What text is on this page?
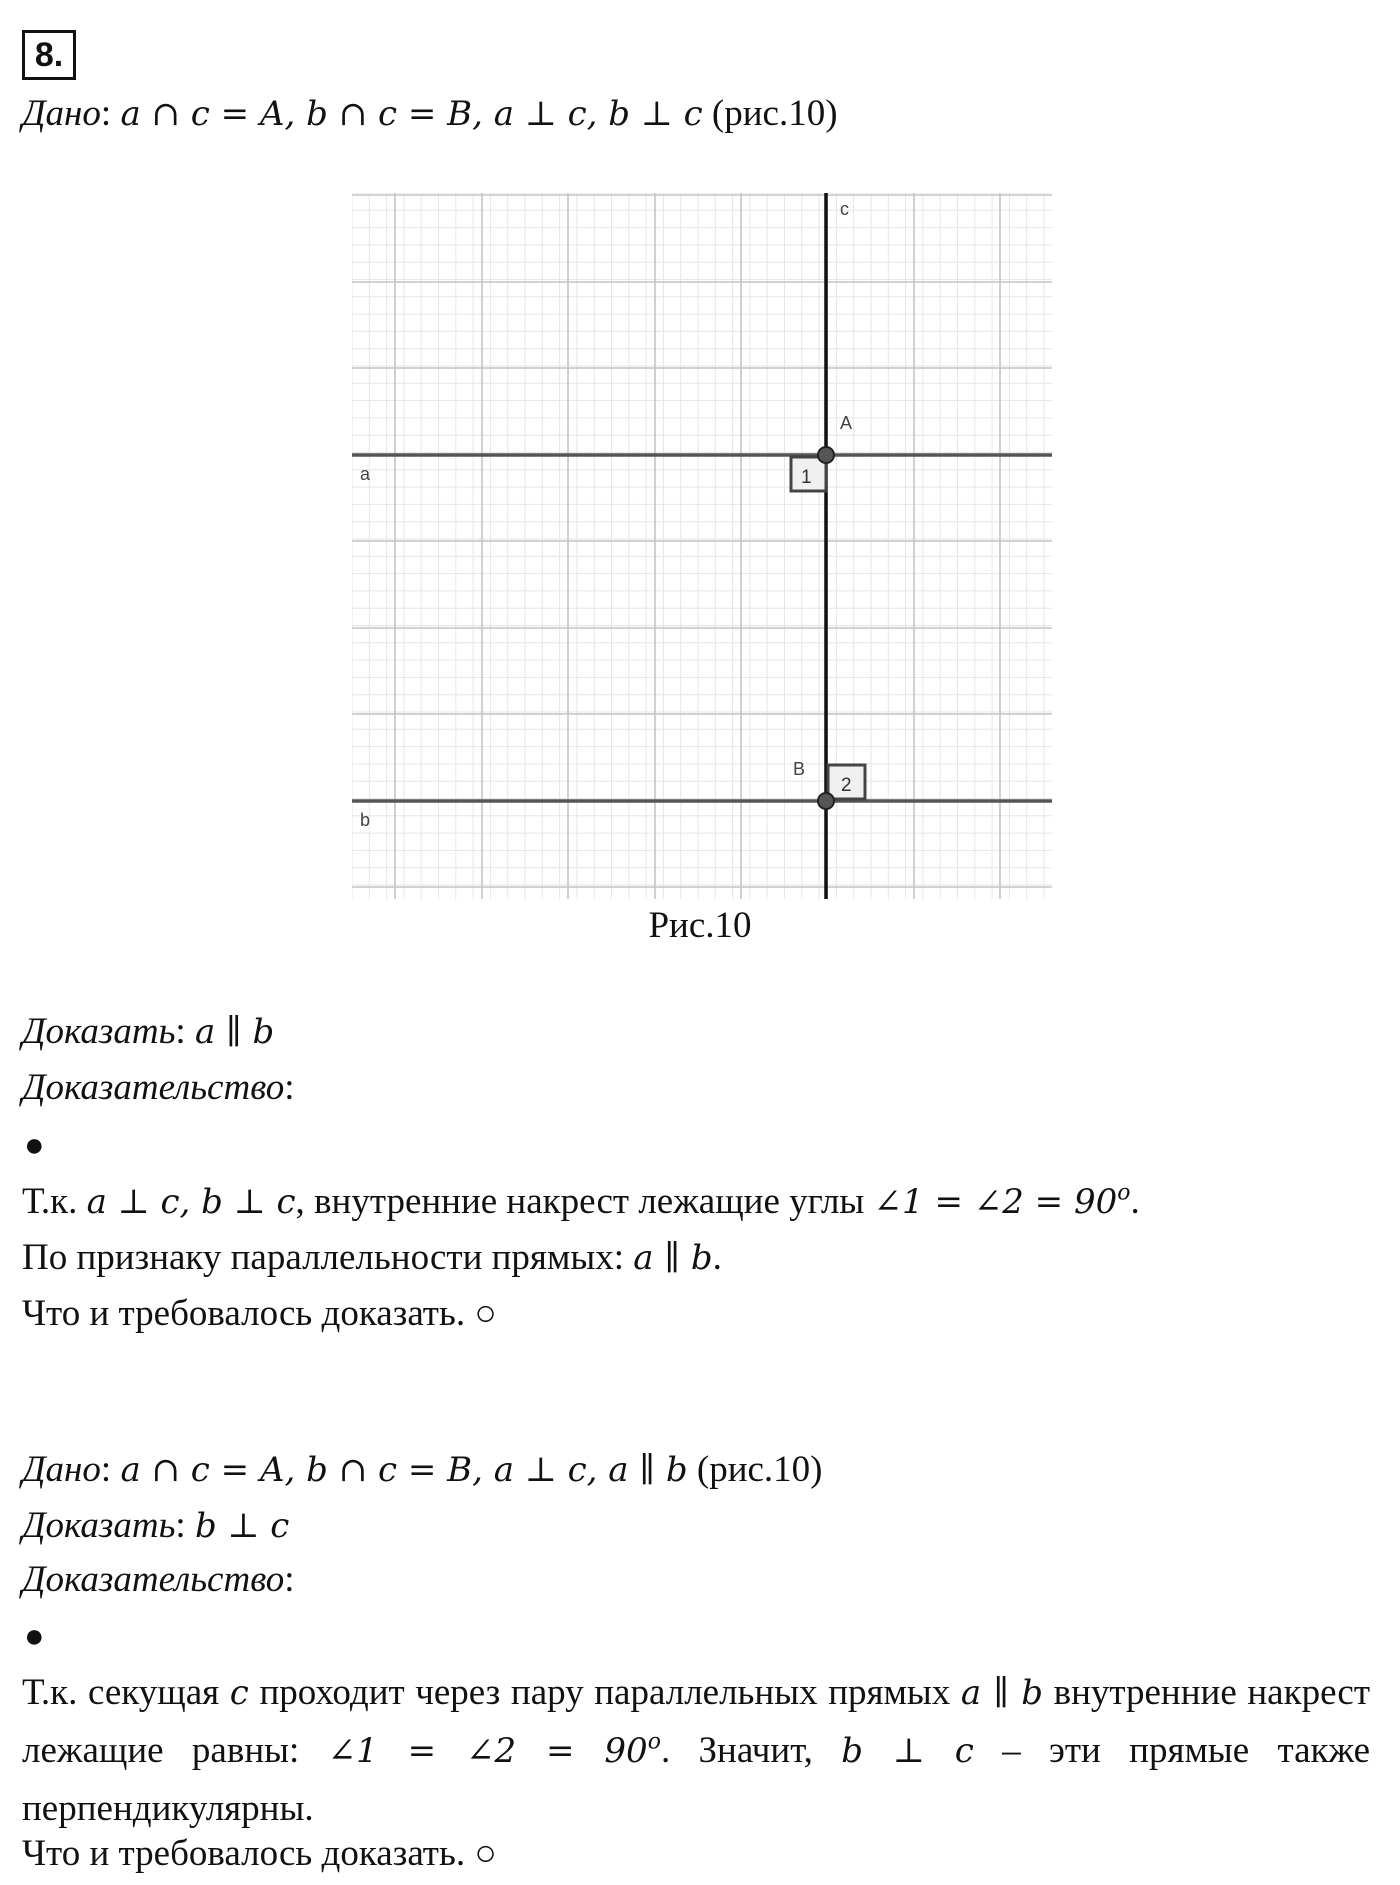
8.
Дано: a ∩ c = A, b ∩ c = B, a ⊥ c, b ⊥ c (рис.10)
1
2
c
A
B
a
b
Рис.10
Доказать: a ∥ b
Доказательство:
●
Т.к. a ⊥ c, b ⊥ c, внутренние накрест лежащие углы ∠1 = ∠2 = $90^o$.
По признаку параллельности прямых: a ∥ b.
Что и требовалось доказать. ○
Дано: a ∩ c = A, b ∩ c = B, a ⊥ c, a ∥ b (рис.10)
Доказать: b ⊥ c
Доказательство:
●
Т.к. секущая c проходит через пару параллельных прямых a ∥ b внутренние накрест лежащие равны: ∠1 = ∠2 = $90^o$. Значит, b ⊥ c – эти прямые также перпендикулярны.
Что и требовалось доказать. ○
